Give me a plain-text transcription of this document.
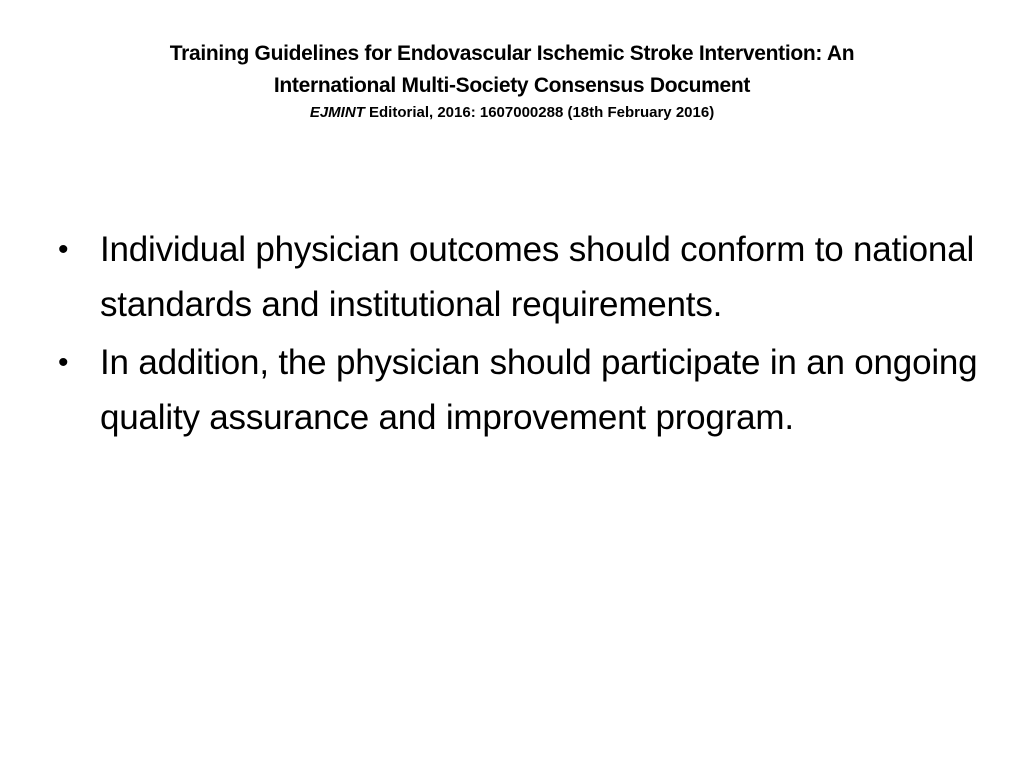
Training Guidelines for Endovascular Ischemic Stroke Intervention: An
International Multi-Society Consensus Document
EJMINT Editorial, 2016: 1607000288 (18th February 2016)
• Individual physician outcomes should conform to national standards and institutional requirements.
• In addition, the physician should participate in an ongoing quality assurance and improvement program.
